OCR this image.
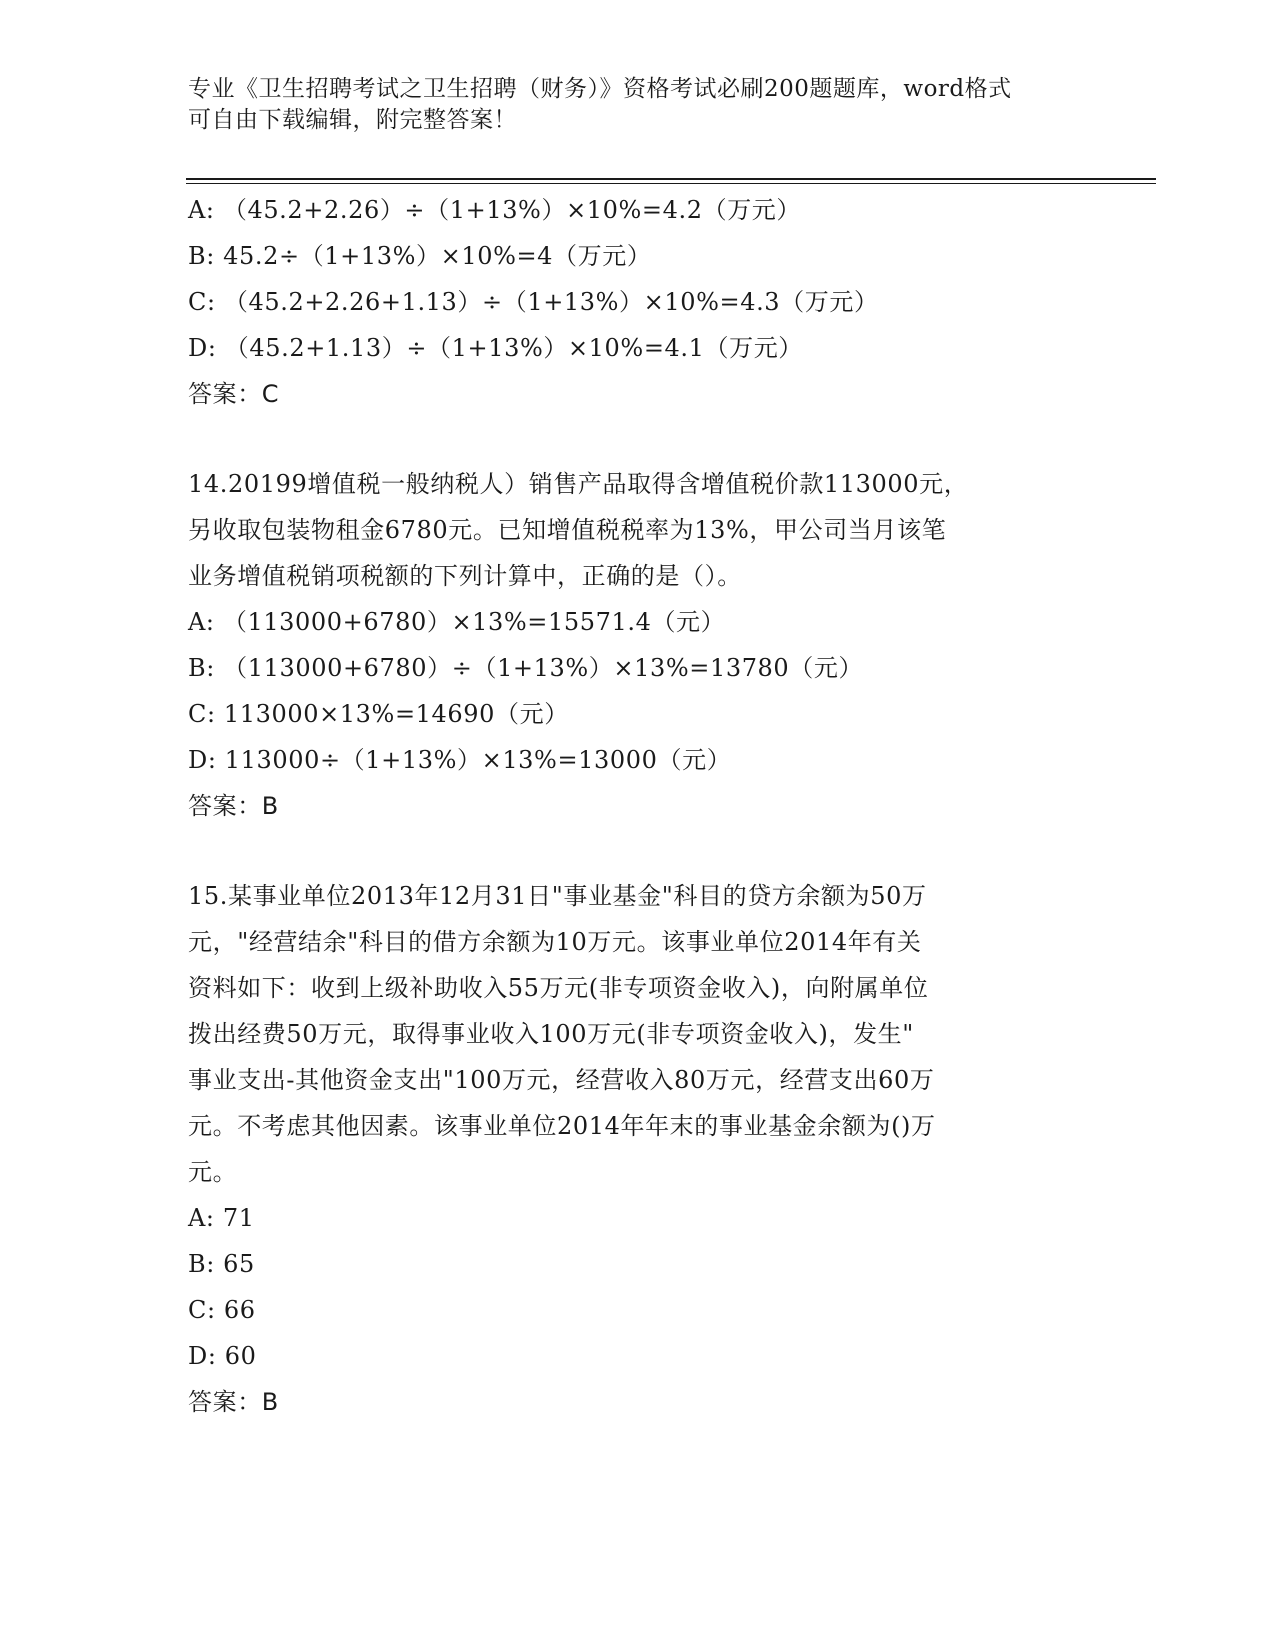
专业《卫生招聘考试之卫生招聘（财务）》资格考试必刷200题题库，word格式
可自由下载编辑，附完整答案！
A: （45.2+2.26）÷（1+13%）×10%=4.2（万元）
B: 45.2÷（1+13%）×10%=4（万元）
C: （45.2+2.26+1.13）÷（1+13%）×10%=4.3（万元）
D: （45.2+1.13）÷（1+13%）×10%=4.1（万元）
答案：C
14.20199增值税一般纳税人）销售产品取得含增值税价款113000元，
另收取包装物租金6780元。已知增值税税率为13%，甲公司当月该笔
业务增值税销项税额的下列计算中，正确的是（）。
A: （113000+6780）×13%=15571.4（元）
B: （113000+6780）÷（1+13%）×13%=13780（元）
C: 113000×13%=14690（元）
D: 113000÷（1+13%）×13%=13000（元）
答案：B
15.某事业单位2013年12月31日"事业基金"科目的贷方余额为50万
元，"经营结余"科目的借方余额为10万元。该事业单位2014年有关
资料如下：收到上级补助收入55万元(非专项资金收入)，向附属单位
拨出经费50万元，取得事业收入100万元(非专项资金收入)，发生"
事业支出-其他资金支出"100万元，经营收入80万元，经营支出60万
元。不考虑其他因素。该事业单位2014年年末的事业基金余额为()万
元。
A: 71
B: 65
C: 66
D: 60
答案：B
